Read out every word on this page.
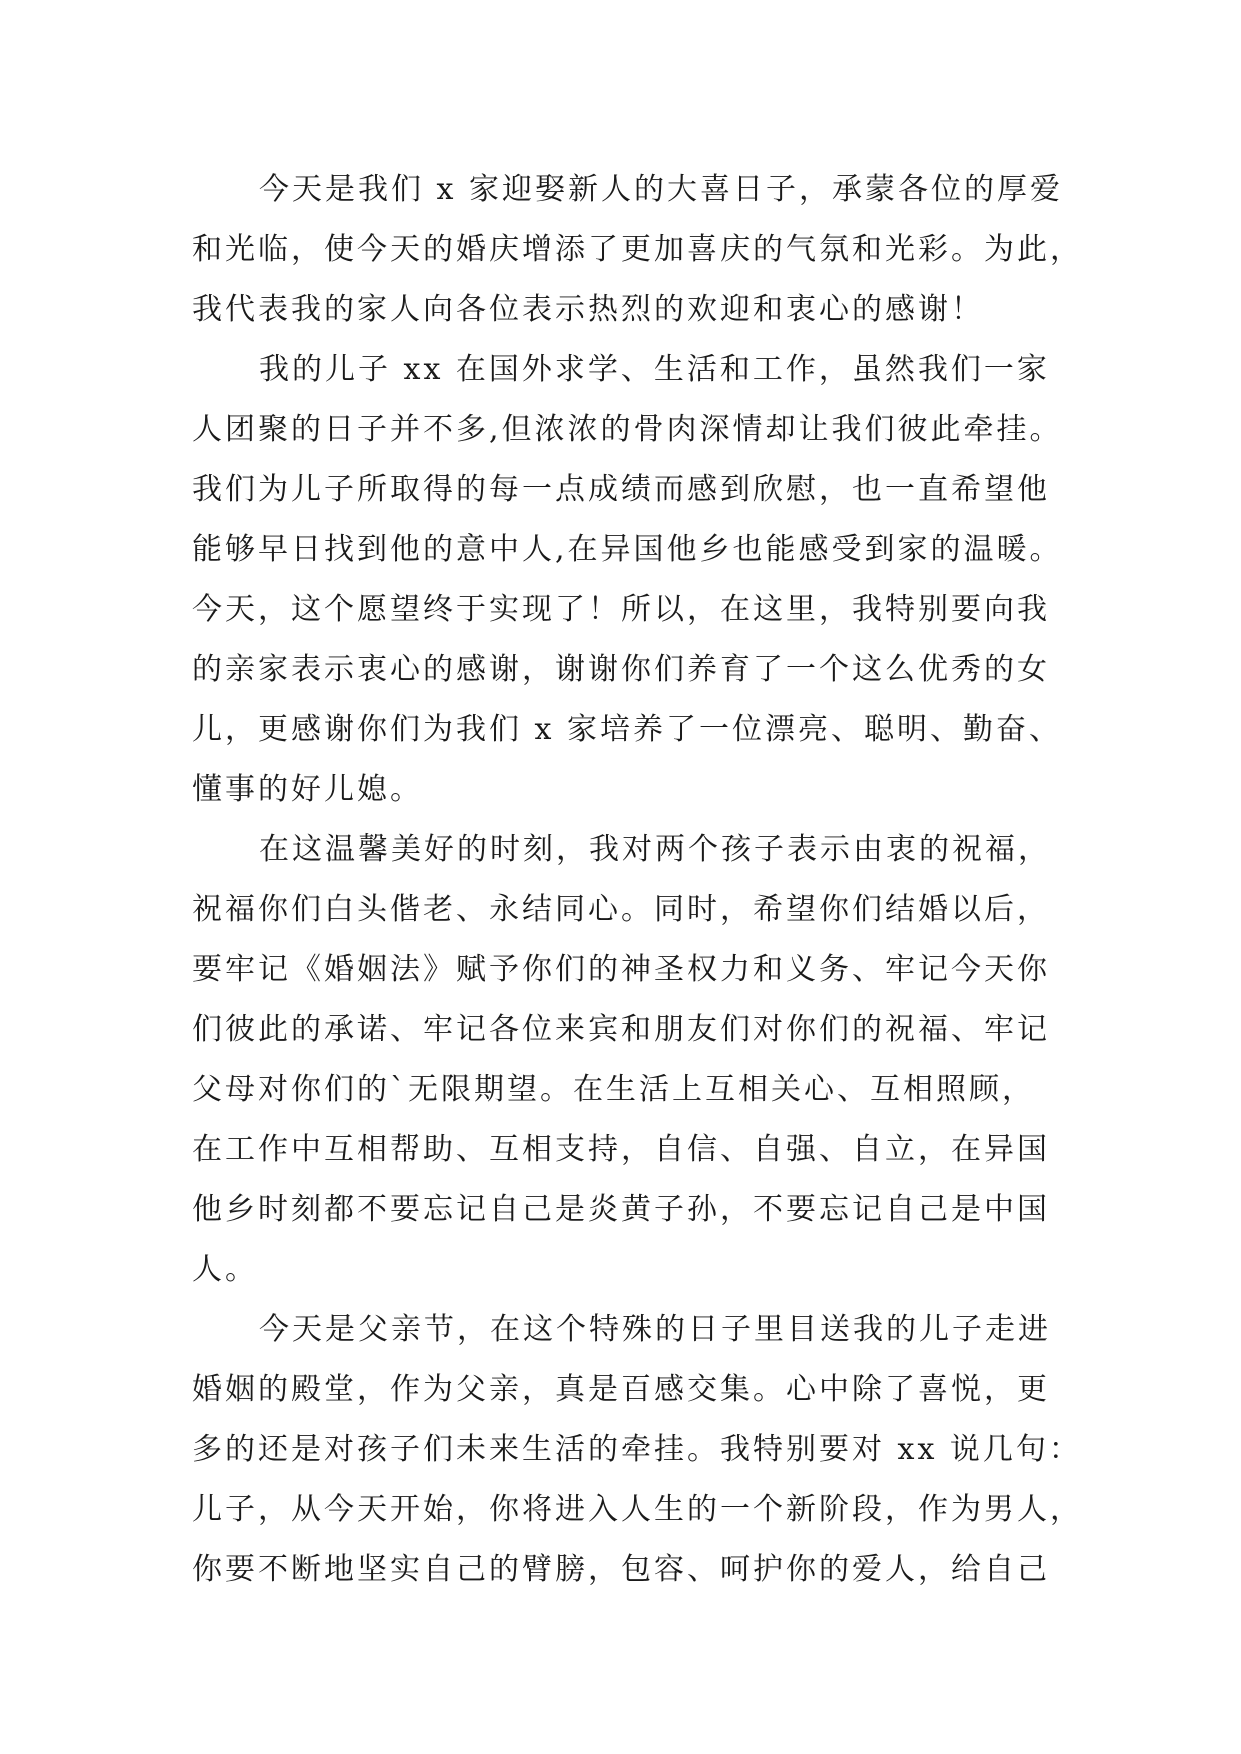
今天是我们 x 家迎娶新人的大喜日子，承蒙各位的厚爱
和光临，使今天的婚庆增添了更加喜庆的气氛和光彩。为此，
我代表我的家人向各位表示热烈的欢迎和衷心的感谢！
我的儿子 xx 在国外求学、生活和工作，虽然我们一家
人团聚的日子并不多,但浓浓的骨肉深情却让我们彼此牵挂。
我们为儿子所取得的每一点成绩而感到欣慰，也一直希望他
能够早日找到他的意中人,在异国他乡也能感受到家的温暖。
今天，这个愿望终于实现了！所以，在这里，我特别要向我
的亲家表示衷心的感谢，谢谢你们养育了一个这么优秀的女
儿，更感谢你们为我们 x 家培养了一位漂亮、聪明、勤奋、
懂事的好儿媳。
在这温馨美好的时刻，我对两个孩子表示由衷的祝福，
祝福你们白头偕老、永结同心。同时，希望你们结婚以后，
要牢记《婚姻法》赋予你们的神圣权力和义务、牢记今天你
们彼此的承诺、牢记各位来宾和朋友们对你们的祝福、牢记
父母对你们的`无限期望。在生活上互相关心、互相照顾，
在工作中互相帮助、互相支持，自信、自强、自立，在异国
他乡时刻都不要忘记自己是炎黄子孙，不要忘记自己是中国
人。
今天是父亲节，在这个特殊的日子里目送我的儿子走进
婚姻的殿堂，作为父亲，真是百感交集。心中除了喜悦，更
多的还是对孩子们未来生活的牵挂。我特别要对 xx 说几句：
儿子，从今天开始，你将进入人生的一个新阶段，作为男人，
你要不断地坚实自己的臂膀，包容、呵护你的爱人，给自己
